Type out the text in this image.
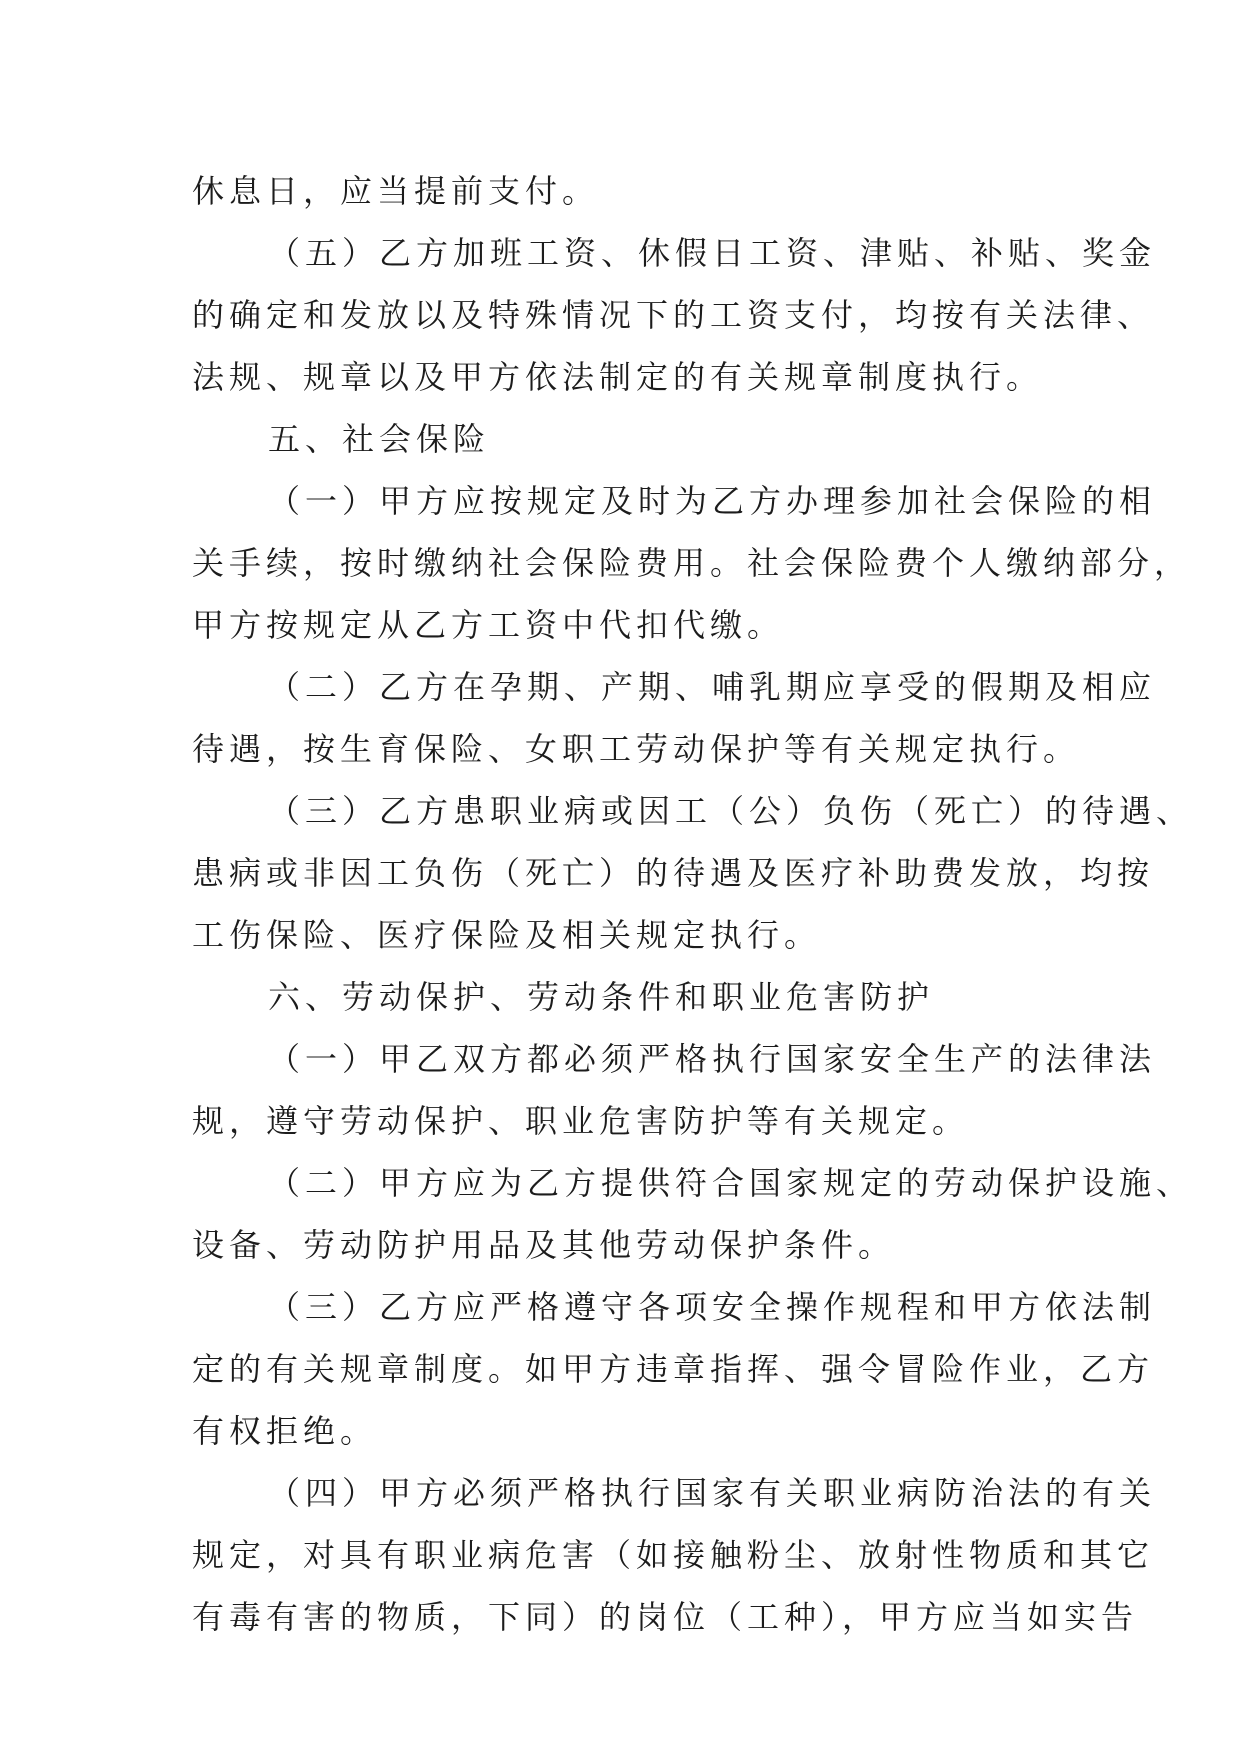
休息日，应当提前支付。
（五）乙方加班工资、休假日工资、津贴、补贴、奖金
的确定和发放以及特殊情况下的工资支付，均按有关法律、
法规、规章以及甲方依法制定的有关规章制度执行。
五、社会保险
（一）甲方应按规定及时为乙方办理参加社会保险的相
关手续，按时缴纳社会保险费用。社会保险费个人缴纳部分，
甲方按规定从乙方工资中代扣代缴。
（二）乙方在孕期、产期、哺乳期应享受的假期及相应
待遇，按生育保险、女职工劳动保护等有关规定执行。
（三）乙方患职业病或因工（公）负伤（死亡）的待遇、
患病或非因工负伤（死亡）的待遇及医疗补助费发放，均按
工伤保险、医疗保险及相关规定执行。
六、劳动保护、劳动条件和职业危害防护
（一）甲乙双方都必须严格执行国家安全生产的法律法
规，遵守劳动保护、职业危害防护等有关规定。
（二）甲方应为乙方提供符合国家规定的劳动保护设施、
设备、劳动防护用品及其他劳动保护条件。
（三）乙方应严格遵守各项安全操作规程和甲方依法制
定的有关规章制度。如甲方违章指挥、强令冒险作业，乙方
有权拒绝。
（四）甲方必须严格执行国家有关职业病防治法的有关
规定，对具有职业病危害（如接触粉尘、放射性物质和其它
有毒有害的物质，下同）的岗位（工种），甲方应当如实告
